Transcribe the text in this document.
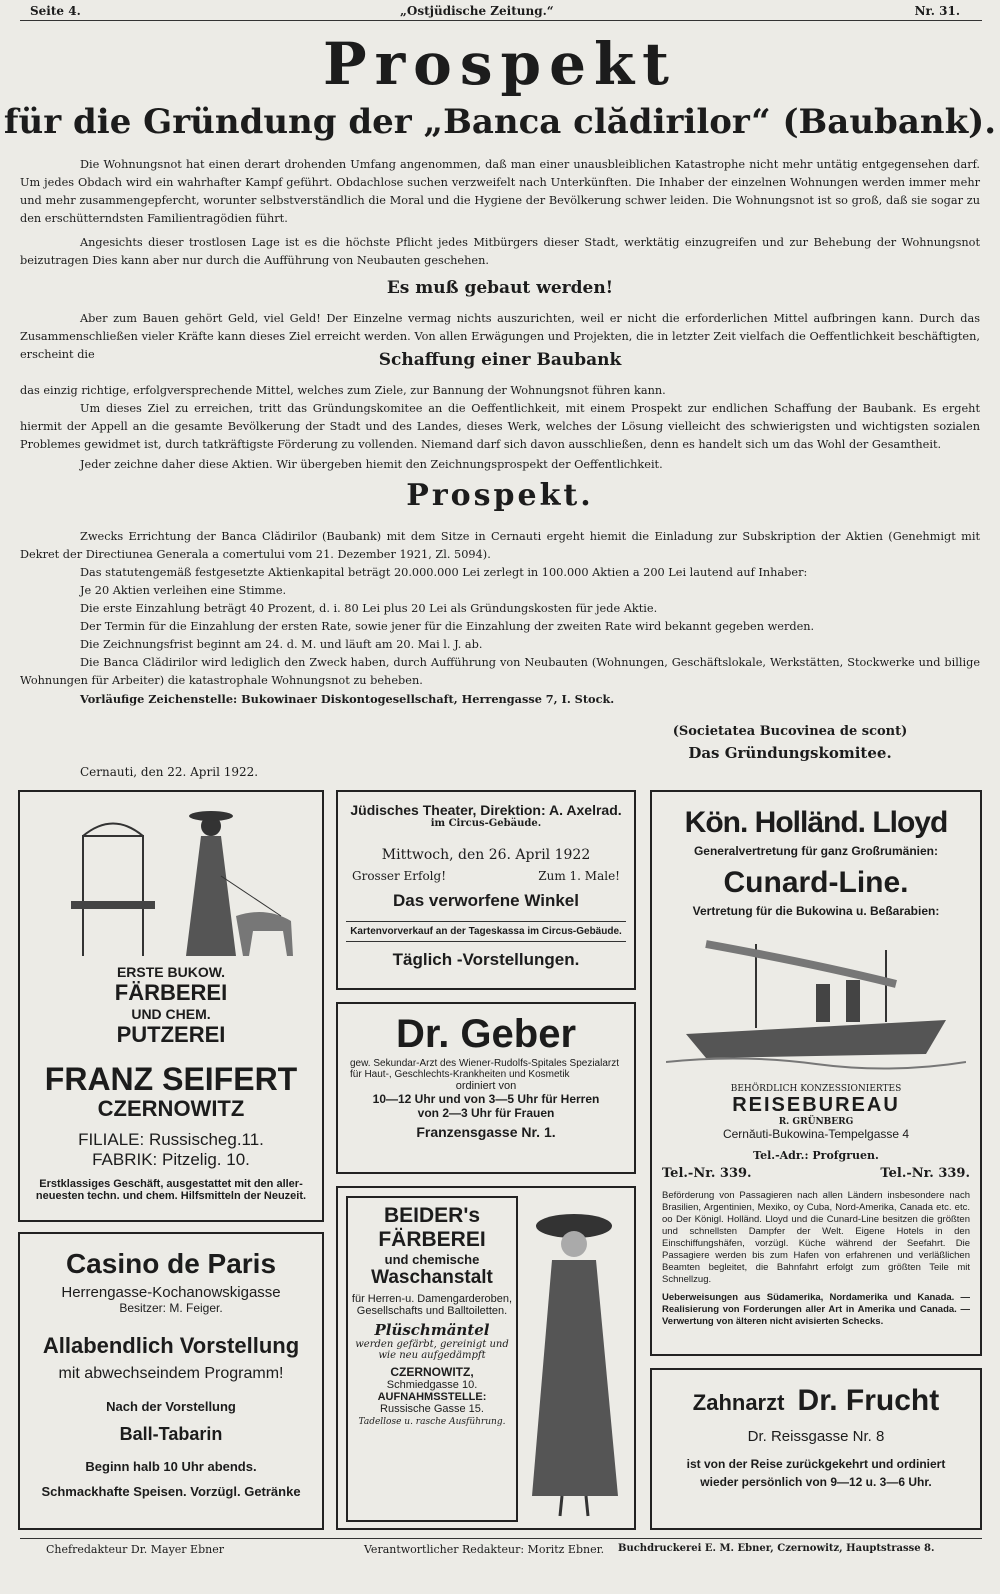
Seite 4.	„Ostjüdische Zeitung.“	Nr. 31.
Prospekt
für die Gründung der „Banca clădirilor“ (Baubank).
Die Wohnungsnot hat einen derart drohenden Umfang angenommen, daß man einer unausbleiblichen Katastrophe nicht mehr untätig entgegensehen darf. Um jedes Obdach wird ein wahrhafter Kampf geführt. Obdachlose suchen verzweifelt nach Unterkünften. Die Inhaber der einzelnen Wohnungen werden immer mehr und mehr zusammengepfercht, worunter selbstverständlich die Moral und die Hygiene der Bevölkerung schwer leiden. Die Wohnungsnot ist so groß, daß sie sogar zu den erschütterndsten Familientragödien führt.
Angesichts dieser trostlosen Lage ist es die höchste Pflicht jedes Mitbürgers dieser Stadt, werktätig einzugreifen und zur Behebung der Wohnungsnot beizutragen Dies kann aber nur durch die Aufführung von Neubauten geschehen.
Es muß gebaut werden!
Aber zum Bauen gehört Geld, viel Geld! Der Einzelne vermag nichts auszurichten, weil er nicht die erforderlichen Mittel aufbringen kann. Durch das Zusammenschließen vieler Kräfte kann dieses Ziel erreicht werden. Von allen Erwägungen und Projekten, die in letzter Zeit vielfach die Oeffentlichkeit beschäftigten, erscheint die	Schaffung einer Baubank
das einzig richtige, erfolgversprechende Mittel, welches zum Ziele, zur Bannung der Wohnungsnot führen kann.
Um dieses Ziel zu erreichen, tritt das Gründungskomitee an die Oeffentlichkeit, mit einem Prospekt zur endlichen Schaffung der Baubank. Es ergeht hiermit der Appell an die gesamte Bevölkerung der Stadt und des Landes, dieses Werk, welches der Lösung vielleicht des schwierigsten und wichtigsten sozialen Problemes gewidmet ist, durch tatkräftigste Förderung zu vollenden. Niemand darf sich davon ausschließen, denn es handelt sich um das Wohl der Gesamtheit.
Jeder zeichne daher diese Aktien. Wir übergeben hiemit den Zeichnungsprospekt der Oeffentlichkeit.
Prospekt.

Zwecks Errichtung der Banca Clădirilor (Baubank) mit dem Sitze in Cernauti ergeht hiemit die Einladung zur Subskription der Aktien (Genehmigt mit Dekret der Directiunea Generala a comertului vom 21. Dezember 1921, Zl. 5094).

Das statutengemäß festgesetzte Aktienkapital beträgt 20.000.000 Lei zerlegt in 100.000 Aktien a 200 Lei lautend auf Inhaber:

Je 20 Aktien verleihen eine Stimme.

Die erste Einzahlung beträgt 40 Prozent, d. i. 80 Lei plus 20 Lei als Gründungskosten für jede Aktie.

Der Termin für die Einzahlung der ersten Rate, sowie jener für die Einzahlung der zweiten Rate wird bekannt gegeben werden.

Die Zeichnungsfrist beginnt am 24. d. M. und läuft am 20. Mai l. J. ab.

Die Banca Clădirilor wird lediglich den Zweck haben, durch Aufführung von Neubauten (Wohnungen, Geschäftslokale, Werkstätten, Stockwerke und billige Wohnungen für Arbeiter) die katastrophale Wohnungsnot zu beheben.

Vorläufige Zeichenstelle: Bukowinaer Diskontogesellschaft, Herrengasse 7, I. Stock.

(Societatea Bucovinea de scont)
Das Gründungskomitee.
Cernauti, den 22. April 1922.
ERSTE BUKOW.
FÄRBEREI
UND CHEM.
PUTZEREI
FRANZ SEIFERT
CZERNOWITZ
FILIALE: Russischeg.11.
FABRIK: Pitzelig. 10.
Erstklassiges Geschäft, ausgestattet mit den aller-
neuesten techn. und chem. Hilfsmitteln der Neuzeit.
Casino de Paris
Herrengasse-Kochanowskigasse
Besitzer: M. Feiger.
Allabendlich Vorstellung
mit abwechseindem Programm!
Nach der Vorstellung
Ball-Tabarin
Beginn halb 10 Uhr abends.
Schmackhafte Speisen. Vorzügl. Getränke
Jüdisches Theater, Direktion: A. Axelrad.
im Circus-Gebäude.
Mittwoch, den 26. April 1922
Grosser Erfolg!	Zum 1. Male!
Das verworfene Winkel
Kartenvorverkauf an der Tageskassa im Circus-Gebäude.
Täglich -Vorstellungen.
Dr. Geber
gew. Sekundar-Arzt des Wiener-Rudolfs-Spitales Spezialarzt für Haut-, Geschlechts-Krankheiten und Kosmetik
ordiniert von
10—12 Uhr und von 3—5 Uhr für Herren
von 2—3 Uhr für Frauen
Franzensgasse Nr. 1.
BEIDER's
FÄRBEREI
und chemische
Waschanstalt
für Herren-u. Damengarderoben, Gesellschafts und Balltoiletten.
Plüschmäntel
werden gefärbt, gereinigt und wie neu aufgedämpft
CZERNOWITZ,
Schmiedgasse 10.
AUFNAHMSSTELLE:
Russische Gasse 15.
Tadellose u. rasche Ausführung.
Kön. Holländ. Lloyd
Generalvertretung für ganz Großrumänien:
Cunard-Line.
Vertretung für die Bukowina u. Beßarabien:
BEHÖRDLICH KONZESSIONIERTES
REISEBUREAU
R. GRÜNBERG
Cernăuti-Bukowina-Tempelgasse 4
Tel.-Adr.: Profgruen.
Tel.-Nr. 339.	Tel.-Nr. 339.
Beförderung von Passagieren nach allen Ländern insbesondere nach Brasilien, Argentinien, Mexiko, oy Cuba, Nord-Amerika, Canada etc. etc. oo Der Königl. Holländ. Lloyd und die Cunard-Line besitzen die größten und schnellsten Dampfer der Welt. Eigene Hotels in den Einschiffungshäfen, vorzügl. Küche während der Seefahrt. Die Passagiere werden bis zum Hafen von erfahrenen und verläßlichen Beamten begleitet, die Bahnfahrt erfolgt zum größten Teile mit Schnellzug.
Ueberweisungen aus Südamerika, Nordamerika und Kanada. — Realisierung von Forderungen aller Art in Amerika und Canada. — Verwertung von älteren nicht avisierten Schecks.
Zahnarzt Dr. Frucht
Dr. Reissgasse Nr. 8
ist von der Reise zurückgekehrt und ordiniert
wieder persönlich von 9—12 u. 3—6 Uhr.
Chefredakteur Dr. Mayer Ebner	Verantwortlicher Redakteur: Moritz Ebner. Buchdruckerei E. M. Ebner, Czernowitz, Hauptstrasse 8.
